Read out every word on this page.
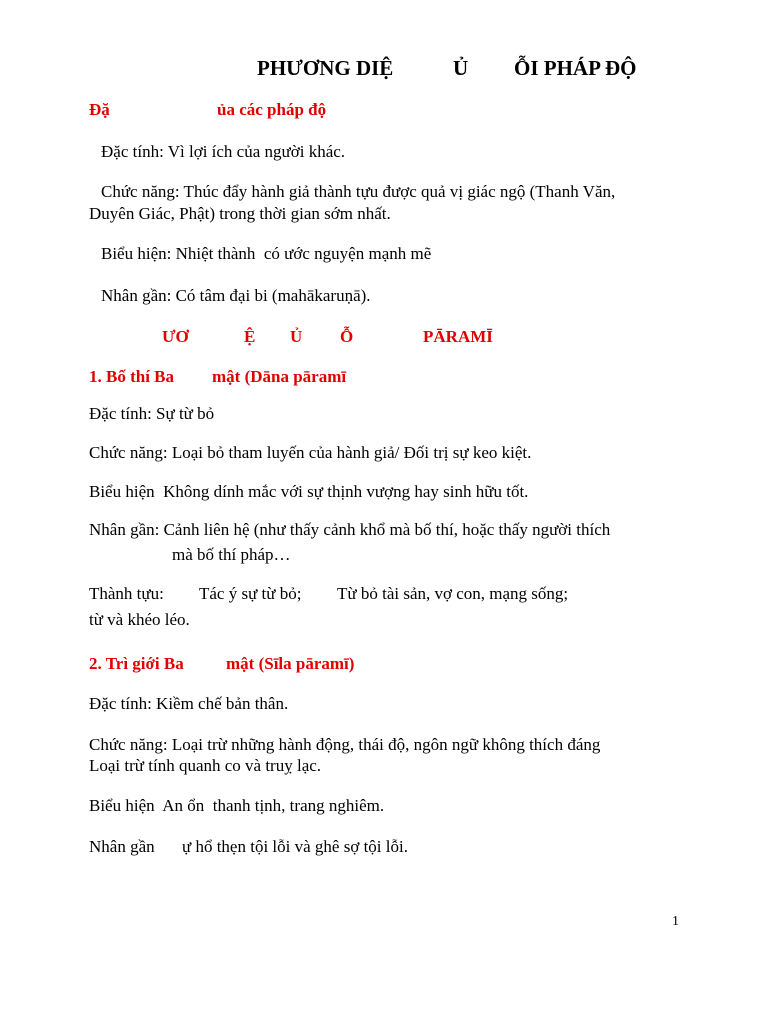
PHƯƠNG DIỆ	Ủ ỖI PHÁP ĐỘ
Đặ	ủa các pháp độ
Đặc tính: Vì lợi ích của người khác.
Chức năng: Thúc đẩy hành giả thành tựu được quả vị giác ngộ (Thanh Văn,
Duyên Giác, Phật) trong thời gian sớm nhất.
Biểu hiện: Nhiệt thành  có ước nguyện mạnh mẽ
Nhân gần: Có tâm đại bi (mahākaruṇā).
ƯƠ	Ệ Ủ Ỗ	PĀRAMĪ
1. Bố thí Ba mật (Dāna pāramī
Đặc tính: Sự từ bỏ
Chức năng: Loại bỏ tham luyến của hành giả/ Đối trị sự keo kiệt.
Biểu hiện  Không dính mắc với sự thịnh vượng hay sinh hữu tốt.
Nhân gần: Cảnh liên hệ (như thấy cảnh khổ mà bố thí, hoặc thấy người thích
mà bố thí pháp…
Thành tựu: Tác ý sự từ bỏ; Từ bỏ tài sản, vợ con, mạng sống;
từ và khéo léo.
2. Trì giới Ba mật (Sīla pāramī)
Đặc tính: Kiềm chế bản thân.
Chức năng: Loại trừ những hành động, thái độ, ngôn ngữ không thích đáng
Loại trừ tính quanh co và truỵ lạc.
Biểu hiện  An ổn  thanh tịnh, trang nghiêm.
Nhân gần ự hổ thẹn tội lỗi và ghê sợ tội lỗi.
1
